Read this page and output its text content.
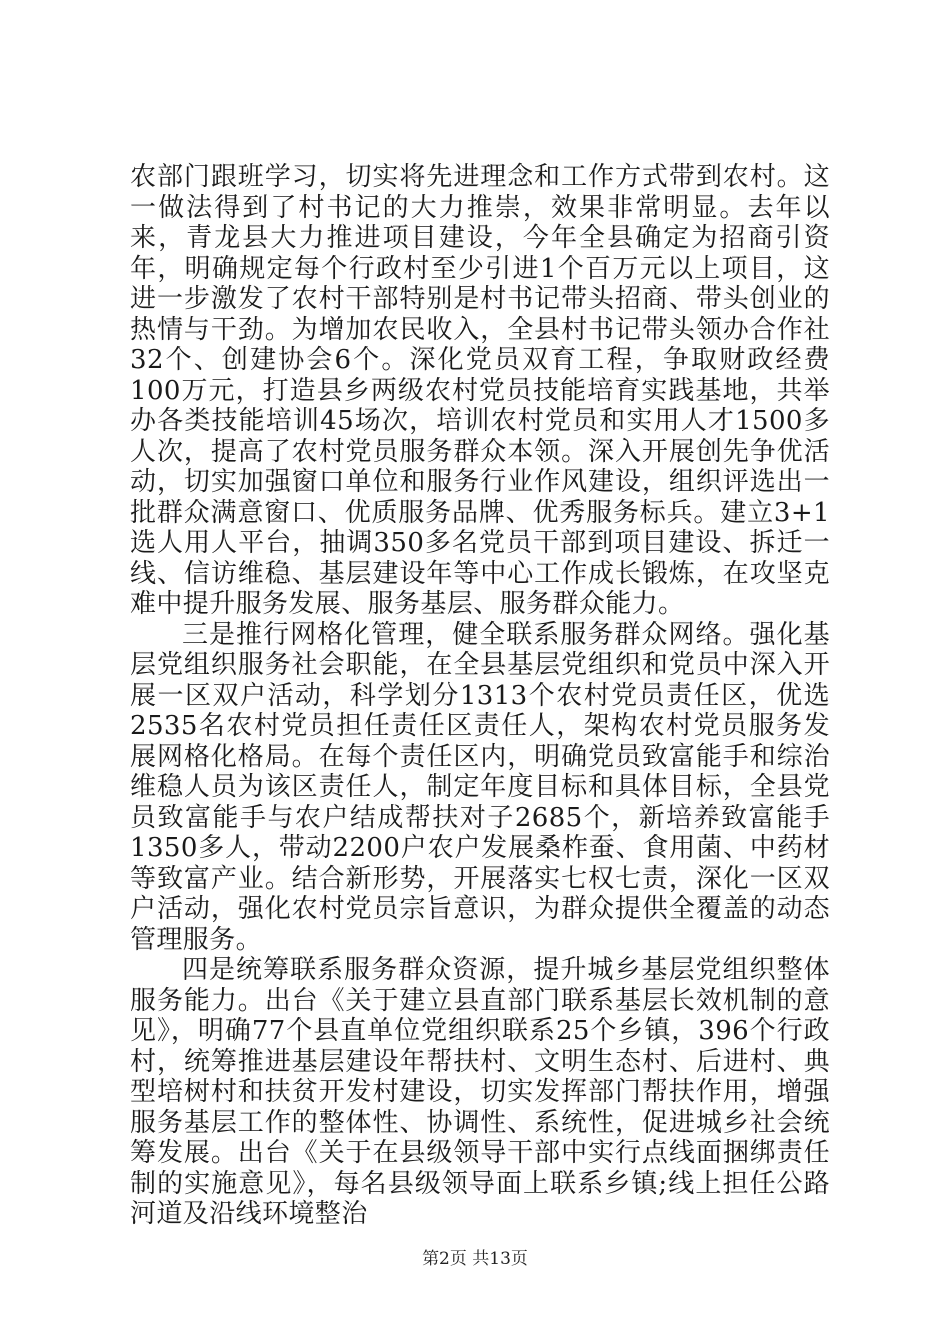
农部门跟班学习，切实将先进理念和工作方式带到农村。这一做法得到了村书记的大力推崇，效果非常明显。去年以来，青龙县大力推进项目建设，今年全县确定为招商引资年，明确规定每个行政村至少引进1个百万元以上项目，这进一步激发了农村干部特别是村书记带头招商、带头创业的热情与干劲。为增加农民收入，全县村书记带头领办合作社32个、创建协会6个。深化党员双育工程，争取财政经费100万元，打造县乡两级农村党员技能培育实践基地，共举办各类技能培训45场次，培训农村党员和实用人才1500多人次，提高了农村党员服务群众本领。深入开展创先争优活动，切实加强窗口单位和服务行业作风建设，组织评选出一批群众满意窗口、优质服务品牌、优秀服务标兵。建立3+1选人用人平台，抽调350多名党员干部到项目建设、拆迁一线、信访维稳、基层建设年等中心工作成长锻炼，在攻坚克难中提升服务发展、服务基层、服务群众能力。

三是推行网格化管理，健全联系服务群众网络。强化基层党组织服务社会职能，在全县基层党组织和党员中深入开展一区双户活动，科学划分1313个农村党员责任区，优选2535名农村党员担任责任区责任人，架构农村党员服务发展网格化格局。在每个责任区内，明确党员致富能手和综治维稳人员为该区责任人，制定年度目标和具体目标，全县党员致富能手与农户结成帮扶对子2685个，新培养致富能手1350多人，带动2200户农户发展桑柞蚕、食用菌、中药材等致富产业。结合新形势，开展落实七权七责，深化一区双户活动，强化农村党员宗旨意识，为群众提供全覆盖的动态管理服务。

四是统筹联系服务群众资源，提升城乡基层党组织整体服务能力。出台《关于建立县直部门联系基层长效机制的意见》，明确77个县直单位党组织联系25个乡镇，396个行政村，统筹推进基层建设年帮扶村、文明生态村、后进村、典型培树村和扶贫开发村建设，切实发挥部门帮扶作用，增强服务基层工作的整体性、协调性、系统性，促进城乡社会统筹发展。出台《关于在县级领导干部中实行点线面捆绑责任制的实施意见》，每名县级领导面上联系乡镇;线上担任公路河道及沿线环境整治

第2页 共13页
